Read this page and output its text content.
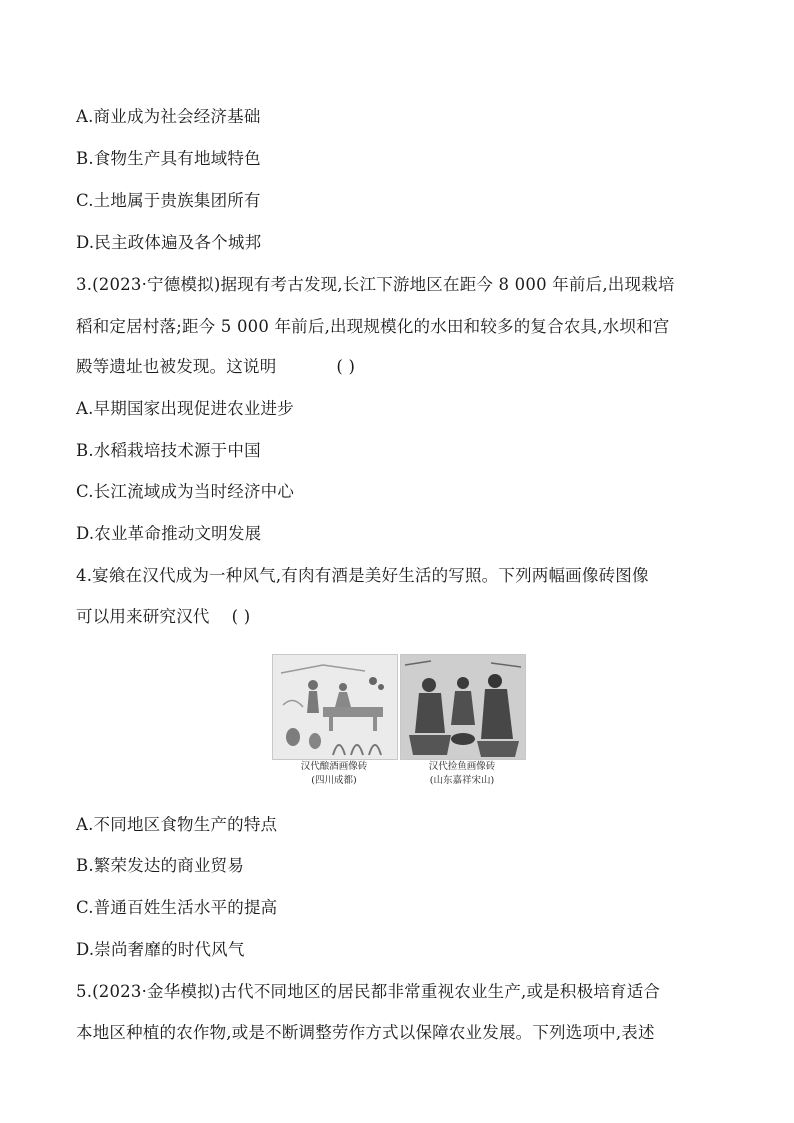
A.商业成为社会经济基础
B.食物生产具有地域特色
C.土地属于贵族集团所有
D.民主政体遍及各个城邦
3.(2023·宁德模拟)据现有考古发现,长江下游地区在距今 8 000 年前后,出现栽培
稻和定居村落;距今 5 000 年前后,出现规模化的水田和较多的复合农具,水坝和宫
殿等遗址也被发现。这说明	( )
A.早期国家出现促进农业进步
B.水稻栽培技术源于中国
C.长江流域成为当时经济中心
D.农业革命推动文明发展
4.宴飨在汉代成为一种风气,有肉有酒是美好生活的写照。下列两幅画像砖图像
可以用来研究汉代 ( )
汉代酿酒画像砖
(四川成都)
汉代捡鱼画像砖
(山东嘉祥宋山)
A.不同地区食物生产的特点
B.繁荣发达的商业贸易
C.普通百姓生活水平的提高
D.崇尚奢靡的时代风气
5.(2023·金华模拟)古代不同地区的居民都非常重视农业生产,或是积极培育适合
本地区种植的农作物,或是不断调整劳作方式以保障农业发展。下列选项中,表述
